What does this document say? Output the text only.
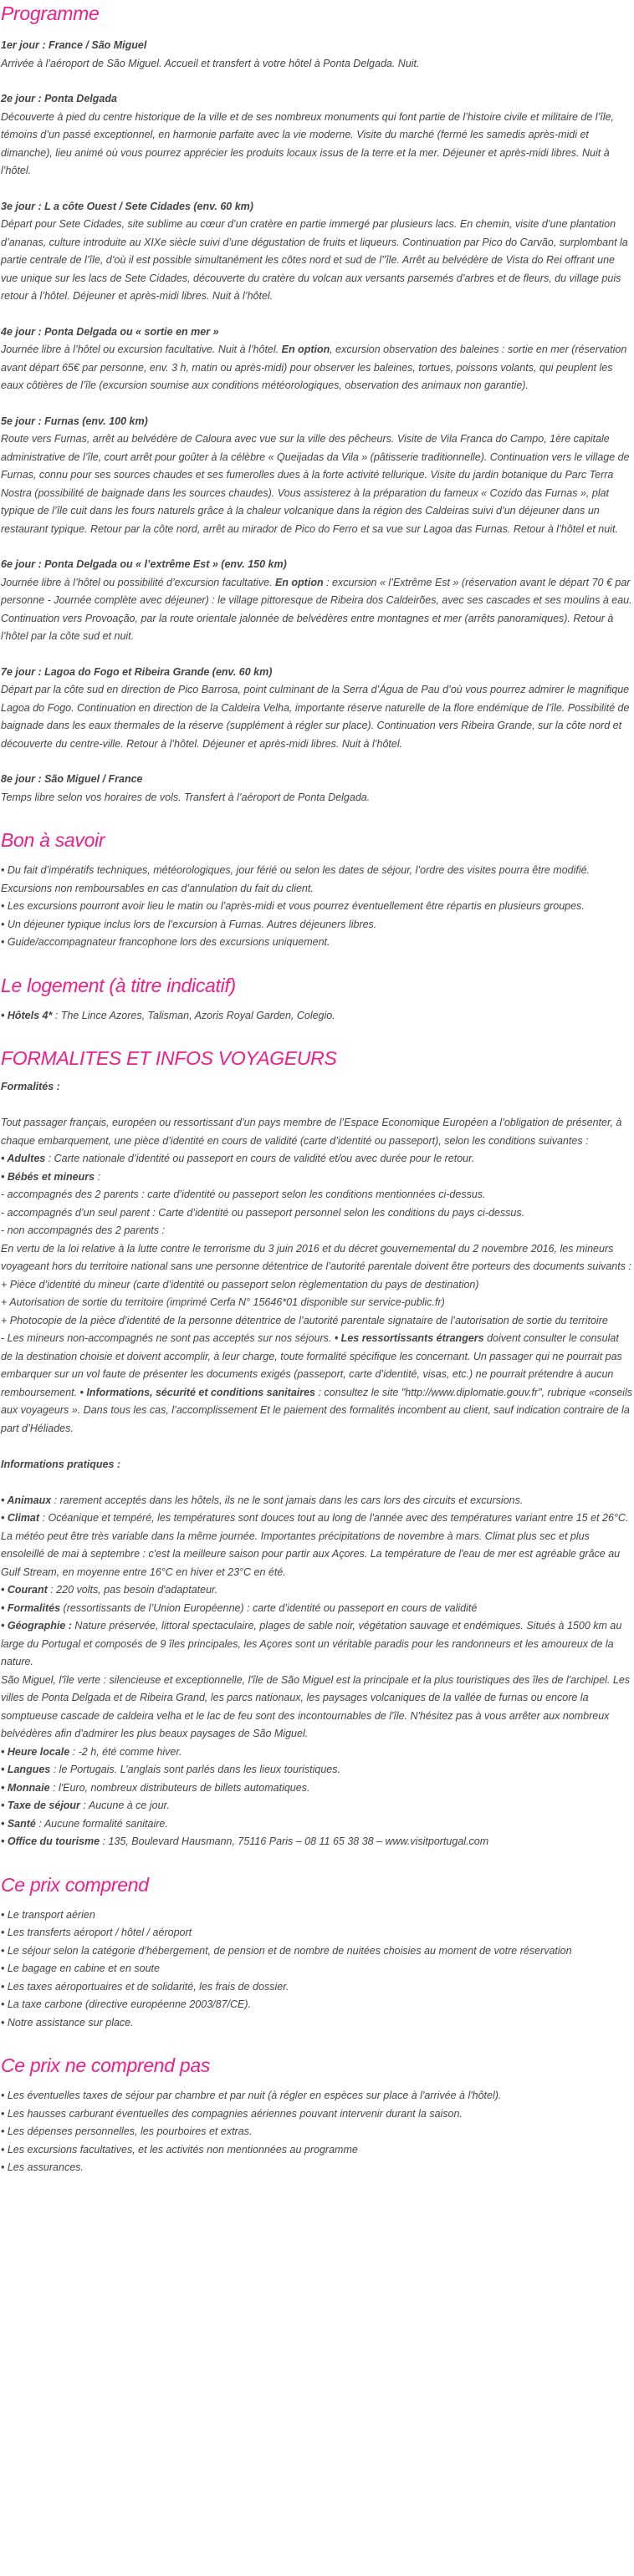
Programme

1er jour : France / São Miguel

Arrivée à l’aéroport de São Miguel. Accueil et transfert à votre hôtel à Ponta Delgada. Nuit.

2e jour : Ponta Delgada

Découverte à pied du centre historique de la ville et de ses nombreux monuments qui font partie de l’histoire civile et militaire de l’île, témoins d’un passé exceptionnel, en harmonie parfaite avec la vie moderne. Visite du marché (fermé les samedis après-midi et dimanche), lieu animé où vous pourrez apprécier les produits locaux issus de la terre et la mer. Déjeuner et après-midi libres. Nuit à l’hôtel.

3e jour : L a côte Ouest / Sete Cidades (env. 60 km)

Départ pour Sete Cidades, site sublime au cœur d’un cratère en partie immergé par plusieurs lacs. En chemin, visite d’une plantation d’ananas, culture introduite au XIXe siècle suivi d’une dégustation de fruits et liqueurs. Continuation par Pico do Carvão, surplombant la partie centrale de l’île, d’où il est possible simultanément les côtes nord et sud de l’’île. Arrêt au belvédère de Vista do Rei offrant une vue unique sur les lacs de Sete Cidades, découverte du cratère du volcan aux versants parsemés d’arbres et de fleurs, du village puis retour à l’hôtel. Déjeuner et après-midi libres. Nuit à l’hôtel.

4e jour : Ponta Delgada ou « sortie en mer »

Journée libre à l’hôtel ou excursion facultative. Nuit à l’hôtel. En option, excursion observation des baleines : sortie en mer (réservation avant départ 65€ par personne, env. 3 h, matin ou après-midi) pour observer les baleines, tortues, poissons volants, qui peuplent les eaux côtières de l’île (excursion soumise aux conditions météorologiques, observation des animaux non garantie).

5e jour : Furnas (env. 100 km)

Route vers Furnas, arrêt au belvédère de Caloura avec vue sur la ville des pêcheurs. Visite de Vila Franca do Campo, 1ère capitale administrative de l’île, court arrêt pour goûter à la célèbre « Queijadas da Vila » (pâtisserie traditionnelle). Continuation vers le village de Furnas, connu pour ses sources chaudes et ses fumerolles dues à la forte activité tellurique. Visite du jardin botanique du Parc Terra Nostra (possibilité de baignade dans les sources chaudes). Vous assisterez à la préparation du fameux « Cozido das Furnas », plat typique de l’île cuit dans les fours naturels grâce à la chaleur volcanique dans la région des Caldeiras suivi d’un déjeuner dans un restaurant typique. Retour par la côte nord, arrêt au mirador de Pico do Ferro et sa vue sur Lagoa das Furnas. Retour à l’hôtel et nuit.

6e jour : Ponta Delgada ou « l’extrême Est » (env. 150 km)

Journée libre à l’hôtel ou possibilité d’excursion facultative. En option : excursion « l’Extrême Est » (réservation avant le départ 70 € par personne - Journée complète avec déjeuner) : le village pittoresque de Ribeira dos Caldeirões, avec ses cascades et ses moulins à eau. Continuation vers Provoação, par la route orientale jalonnée de belvédères entre montagnes et mer (arrêts panoramiques). Retour à l’hôtel par la côte sud et nuit.

7e jour : Lagoa do Fogo et Ribeira Grande (env. 60 km)

Départ par la côte sud en direction de Pico Barrosa, point culminant de la Serra d’Água de Pau d’où vous pourrez admirer le magnifique Lagoa do Fogo. Continuation en direction de la Caldeira Velha, importante réserve naturelle de la flore endémique de l’île. Possibilité de baignade dans les eaux thermales de la réserve (supplément à régler sur place). Continuation vers Ribeira Grande, sur la côte nord et découverte du centre-ville. Retour à l’hôtel. Déjeuner et après-midi libres. Nuit à l’hôtel.

8e jour : São Miguel / France

Temps libre selon vos horaires de vols. Transfert à l’aéroport de Ponta Delgada.

Bon à savoir

• Du fait d’impératifs techniques, météorologiques, jour férié ou selon les dates de séjour, l’ordre des visites pourra être modifié. Excursions non remboursables en cas d’annulation du fait du client.

• Les excursions pourront avoir lieu le matin ou l’après-midi et vous pourrez éventuellement être répartis en plusieurs groupes.

• Un déjeuner typique inclus lors de l’excursion à Furnas. Autres déjeuners libres.

• Guide/accompagnateur francophone lors des excursions uniquement.

Le logement (à titre indicatif)

• Hôtels 4* : The Lince Azores, Talisman, Azoris Royal Garden, Colegio.

FORMALITES ET INFOS VOYAGEURS

Formalités :

Tout passager français, européen ou ressortissant d’un pays membre de l’Espace Economique Européen a l’obligation de présenter, à chaque embarquement, une pièce d’identité en cours de validité (carte d’identité ou passeport), selon les conditions suivantes :

• Adultes : Carte nationale d’identité ou passeport en cours de validité et/ou avec durée pour le retour.

• Bébés et mineurs :

- accompagnés des 2 parents : carte d’identité ou passeport selon les conditions mentionnées ci-dessus.

- accompagnés d’un seul parent : Carte d’identité ou passeport personnel selon les conditions du pays ci-dessus.

- non accompagnés des 2 parents :

En vertu de la loi relative à la lutte contre le terrorisme du 3 juin 2016 et du décret gouvernemental du 2 novembre 2016, les mineurs voyageant hors du territoire national sans une personne détentrice de l’autorité parentale doivent être porteurs des documents suivants :

+ Pièce d’identité du mineur (carte d’identité ou passeport selon règlementation du pays de destination)

+ Autorisation de sortie du territoire (imprimé Cerfa N° 15646*01 disponible sur service-public.fr)

+ Photocopie de la pièce d’identité de la personne détentrice de l’autorité parentale signataire de l’autorisation de sortie du territoire

- Les mineurs non-accompagnés ne sont pas acceptés sur nos séjours. • Les ressortissants étrangers doivent consulter le consulat de la destination choisie et doivent accomplir, à leur charge, toute formalité spécifique les concernant. Un passager qui ne pourrait pas embarquer sur un vol faute de présenter les documents exigés (passeport, carte d’identité, visas, etc.) ne pourrait prétendre à aucun remboursement. • Informations, sécurité et conditions sanitaires : consultez le site "http://www.diplomatie.gouv.fr", rubrique «conseils aux voyageurs ». Dans tous les cas, l’accomplissement Et le paiement des formalités incombent au client, sauf indication contraire de la part d’Héliades.

Informations pratiques :

• Animaux : rarement acceptés dans les hôtels, ils ne le sont jamais dans les cars lors des circuits et excursions.

• Climat : Océanique et tempéré, les températures sont douces tout au long de l'année avec des températures variant entre 15 et 26°C. La météo peut être très variable dans la même journée. Importantes précipitations de novembre à mars. Climat plus sec et plus ensoleillé de mai à septembre : c'est la meilleure saison pour partir aux Açores. La température de l'eau de mer est agréable grâce au Gulf Stream, en moyenne entre 16°C en hiver et 23°C en été.

• Courant : 220 volts, pas besoin d'adaptateur.

• Formalités (ressortissants de l’Union Européenne) : carte d’identité ou passeport en cours de validité

• Géographie : Nature préservée, littoral spectaculaire, plages de sable noir, végétation sauvage et endémiques. Situés à 1500 km au large du Portugal et composés de 9 îles principales, les Açores sont un véritable paradis pour les randonneurs et les amoureux de la nature.

São Miguel, l'île verte : silencieuse et exceptionnelle, l'île de São Miguel est la principale et la plus touristiques des îles de l'archipel. Les villes de Ponta Delgada et de Ribeira Grand, les parcs nationaux, les paysages volcaniques de la vallée de furnas ou encore la somptueuse cascade de caldeira velha et le lac de feu sont des incontournables de l'île. N'hésitez pas à vous arrêter aux nombreux belvédères afin d'admirer les plus beaux paysages de São Miguel.

• Heure locale : -2 h, été comme hiver.

• Langues : le Portugais. L’anglais sont parlés dans les lieux touristiques.

• Monnaie : l'Euro, nombreux distributeurs de billets automatiques.

• Taxe de séjour : Aucune à ce jour.

• Santé : Aucune formalité sanitaire.

• Office du tourisme : 135, Boulevard Hausmann, 75116 Paris – 08 11 65 38 38 – www.visitportugal.com

Ce prix comprend

• Le transport aérien

• Les transferts aéroport / hôtel / aéroport

• Le séjour selon la catégorie d’hébergement, de pension et de nombre de nuitées choisies au moment de votre réservation

• Le bagage en cabine et en soute

• Les taxes aéroportuaires et de solidarité, les frais de dossier.

• La taxe carbone (directive européenne 2003/87/CE).

• Notre assistance sur place.

Ce prix ne comprend pas

• Les éventuelles taxes de séjour par chambre et par nuit (à régler en espèces sur place à l'arrivée à l'hôtel).

• Les hausses carburant éventuelles des compagnies aériennes pouvant intervenir durant la saison.

• Les dépenses personnelles, les pourboires et extras.

• Les excursions facultatives, et les activités non mentionnées au programme

• Les assurances.
